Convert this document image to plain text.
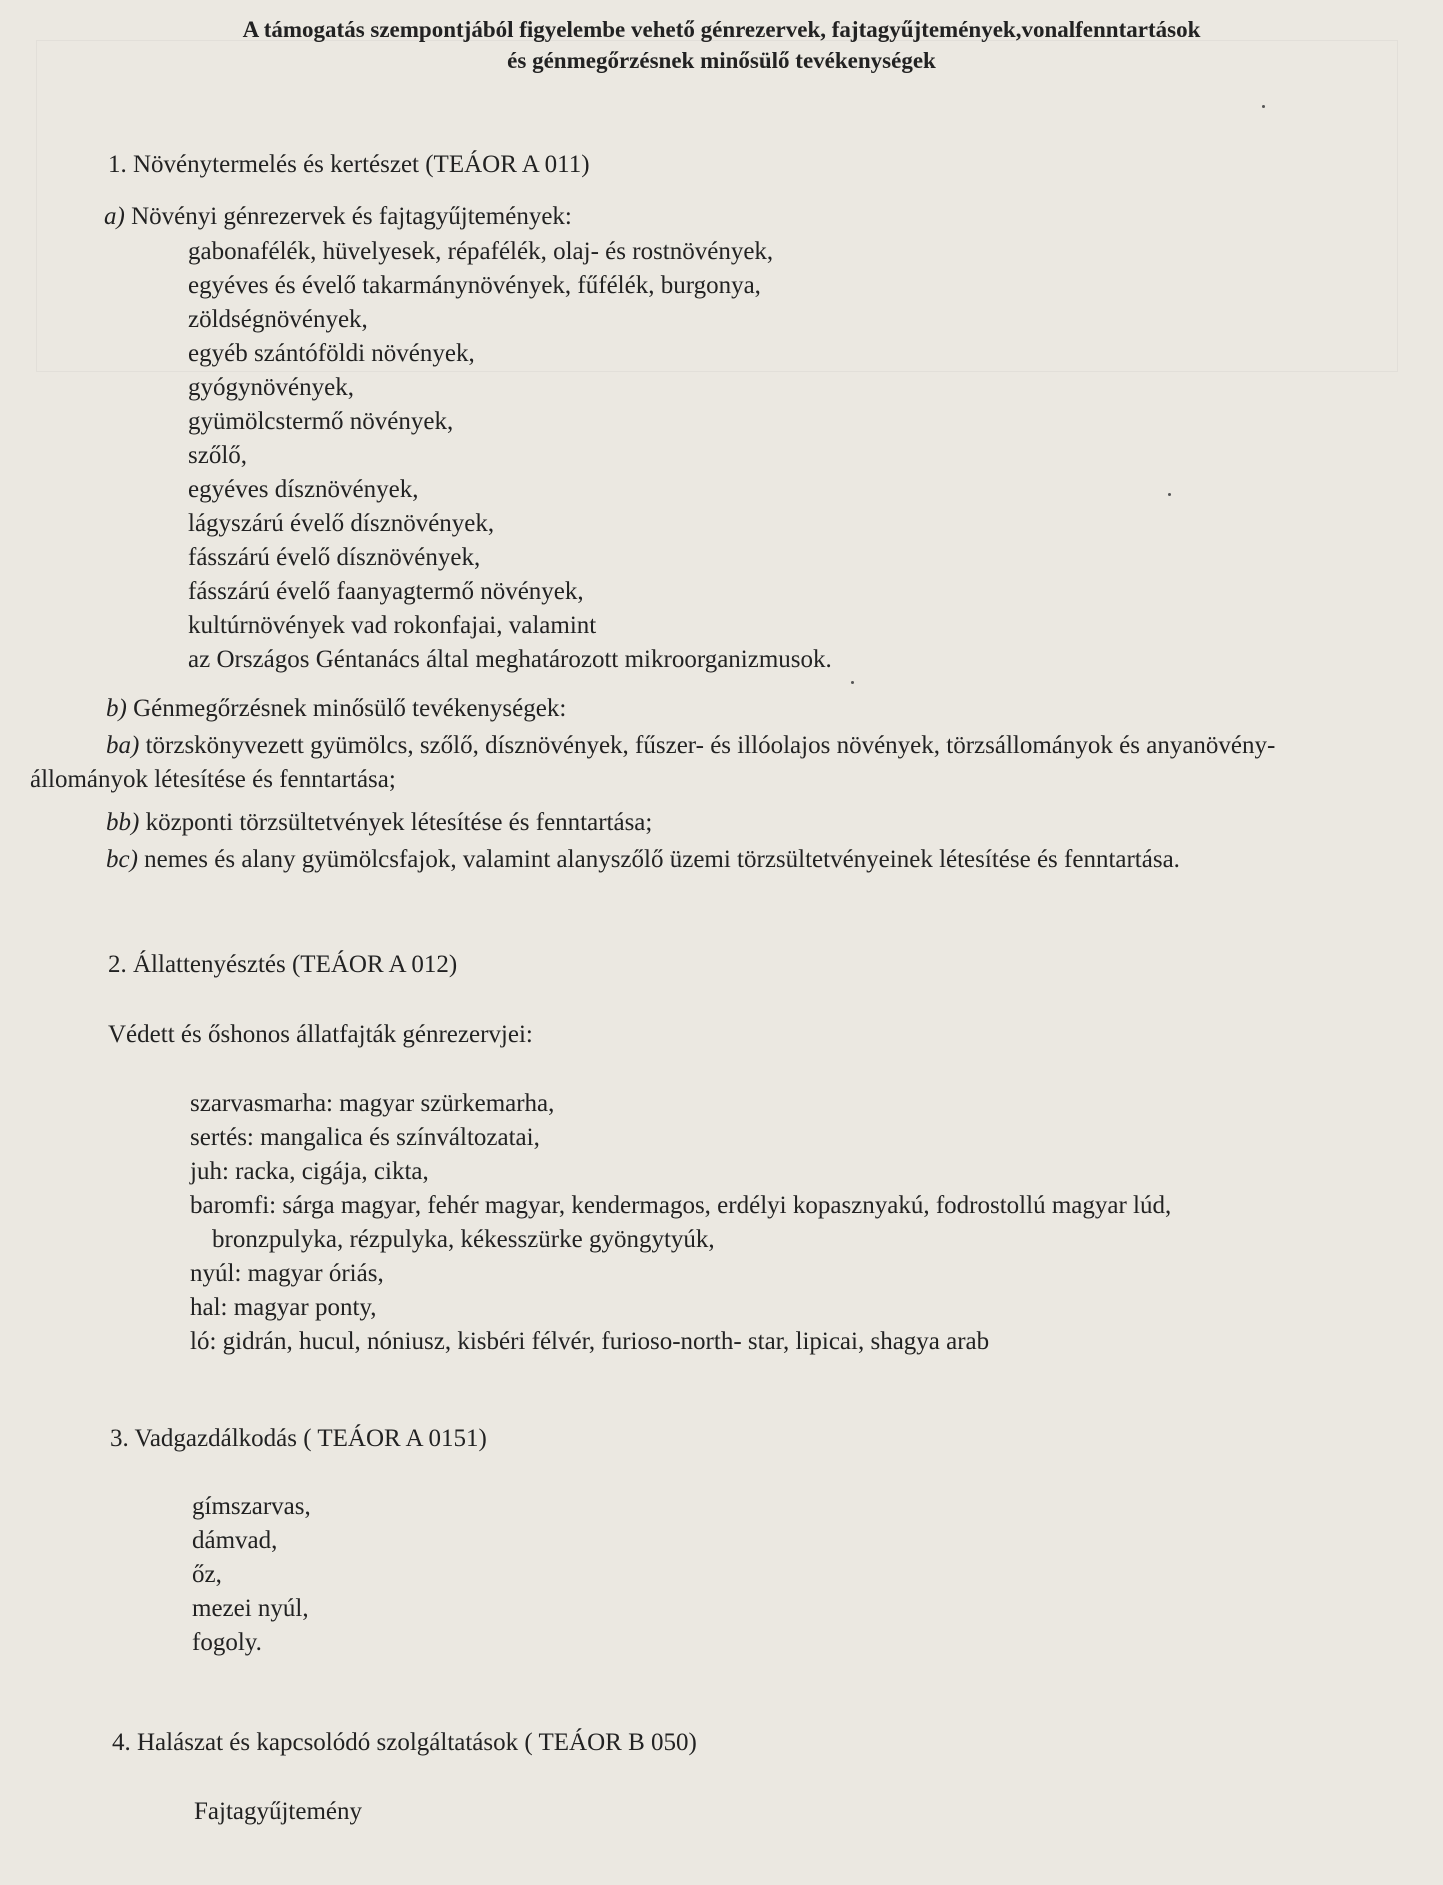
A támogatás szempontjából figyelembe vehető génrezervek, fajtagyűjtemények,vonalfenntartások
és génmegőrzésnek minősülő tevékenységek
1. Növénytermelés és kertészet (TEÁOR A 011)
a) Növényi génrezervek és fajtagyűjtemények:
gabonafélék, hüvelyesek, répafélék, olaj- és rostnövények,
egyéves és évelő takarmánynövények, fűfélék, burgonya,
zöldségnövények,
egyéb szántóföldi növények,
gyógynövények,
gyümölcstermő növények,
szőlő,
egyéves dísznövények,
lágyszárú évelő dísznövények,
fásszárú évelő dísznövények,
fásszárú évelő faanyagtermő növények,
kultúrnövények vad rokonfajai, valamint
az Országos Géntanács által meghatározott mikroorganizmusok.
b) Génmegőrzésnek minősülő tevékenységek:
ba) törzskönyvezett gyümölcs, szőlő, dísznövények, fűszer- és illóolajos növények, törzsállományok és anyanövény-
állományok létesítése és fenntartása;
bb) központi törzsültetvények létesítése és fenntartása;
bc) nemes és alany gyümölcsfajok, valamint alanyszőlő üzemi törzsültetvényeinek létesítése és fenntartása.
2. Állattenyésztés (TEÁOR A 012)
Védett és őshonos állatfajták génrezervjei:
szarvasmarha: magyar szürkemarha,
sertés: mangalica és színváltozatai,
juh: racka, cigája, cikta,
baromfi: sárga magyar, fehér magyar, kendermagos, erdélyi kopasznyakú, fodrostollú magyar lúd,
bronzpulyka, rézpulyka, kékesszürke gyöngytyúk,
nyúl: magyar óriás,
hal: magyar ponty,
ló: gidrán, hucul, nóniusz, kisbéri félvér, furioso-north- star, lipicai, shagya arab
3. Vadgazdálkodás ( TEÁOR A 0151)
gímszarvas,
dámvad,
őz,
mezei nyúl,
fogoly.
4. Halászat és kapcsolódó szolgáltatások ( TEÁOR B 050)
Fajtagyűjtemény
